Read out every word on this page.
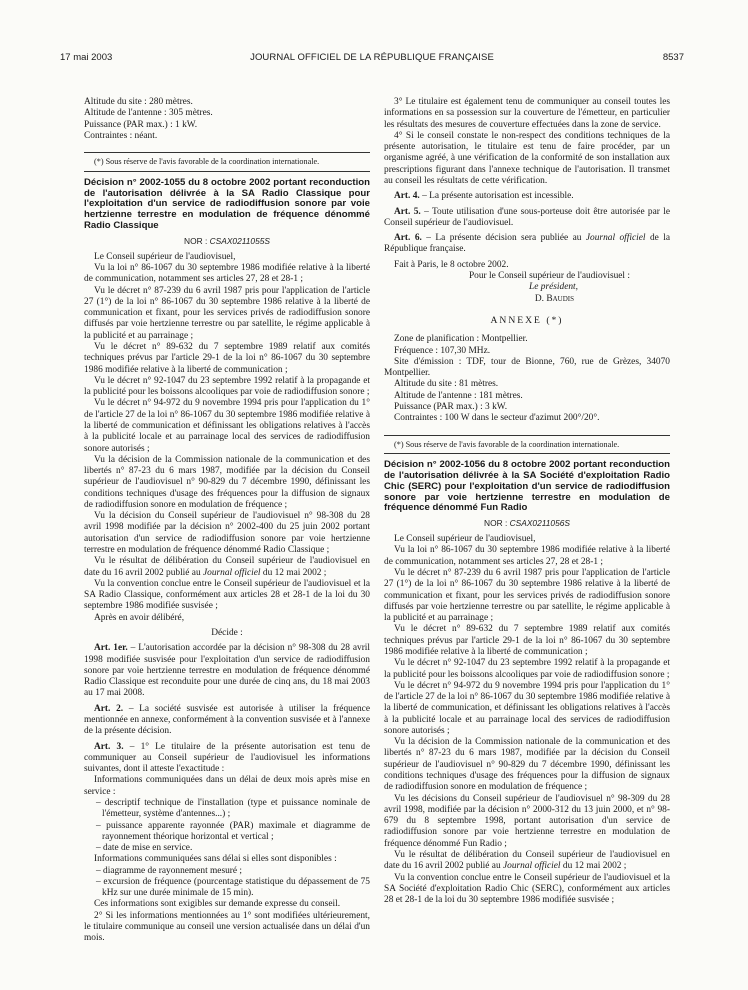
17 mai 2003	JOURNAL OFFICIEL DE LA RÉPUBLIQUE FRANÇAISE	8537

Altitude du site : 280 mètres.

Altitude de l'antenne : 305 mètres.

Puissance (PAR max.) : 1 kW.

Contraintes : néant.

(*) Sous réserve de l'avis favorable de la coordination internationale.

Décision n° 2002-1055 du 8 octobre 2002 portant reconduction de l'autorisation délivrée à la SA Radio Classique pour l'exploitation d'un service de radiodiffusion sonore par voie hertzienne terrestre en modulation de fréquence dénommé Radio Classique

NOR : CSAX0211055S

Le Conseil supérieur de l'audiovisuel,

Vu la loi n° 86-1067 du 30 septembre 1986 modifiée relative à la liberté de communication, notamment ses articles 27, 28 et 28-1 ;

Vu le décret n° 87-239 du 6 avril 1987 pris pour l'application de l'article 27 (1°) de la loi n° 86-1067 du 30 septembre 1986 relative à la liberté de communication et fixant, pour les services privés de radiodiffusion sonore diffusés par voie hertzienne terrestre ou par satellite, le régime applicable à la publicité et au parrainage ;

Vu le décret n° 89-632 du 7 septembre 1989 relatif aux comités techniques prévus par l'article 29-1 de la loi n° 86-1067 du 30 septembre 1986 modifiée relative à la liberté de communication ;

Vu le décret n° 92-1047 du 23 septembre 1992 relatif à la propagande et la publicité pour les boissons alcooliques par voie de radiodiffusion sonore ;

Vu le décret n° 94-972 du 9 novembre 1994 pris pour l'application du 1° de l'article 27 de la loi n° 86-1067 du 30 septembre 1986 modifiée relative à la liberté de communication et définissant les obligations relatives à l'accès à la publicité locale et au parrainage local des services de radiodiffusion sonore autorisés ;

Vu la décision de la Commission nationale de la communication et des libertés n° 87-23 du 6 mars 1987, modifiée par la décision du Conseil supérieur de l'audiovisuel n° 90-829 du 7 décembre 1990, définissant les conditions techniques d'usage des fréquences pour la diffusion de signaux de radiodiffusion sonore en modulation de fréquence ;

Vu la décision du Conseil supérieur de l'audiovisuel n° 98-308 du 28 avril 1998 modifiée par la décision n° 2002-400 du 25 juin 2002 portant autorisation d'un service de radiodiffusion sonore par voie hertzienne terrestre en modulation de fréquence dénommé Radio Classique ;

Vu le résultat de délibération du Conseil supérieur de l'audiovisuel en date du 16 avril 2002 publié au Journal officiel du 12 mai 2002 ;

Vu la convention conclue entre le Conseil supérieur de l'audiovisuel et la SA Radio Classique, conformément aux articles 28 et 28-1 de la loi du 30 septembre 1986 modifiée susvisée ;

Après en avoir délibéré,

Décide :

Art. 1er. – L'autorisation accordée par la décision n° 98-308 du 28 avril 1998 modifiée susvisée pour l'exploitation d'un service de radiodiffusion sonore par voie hertzienne terrestre en modulation de fréquence dénommé Radio Classique est reconduite pour une durée de cinq ans, du 18 mai 2003 au 17 mai 2008.

Art. 2. – La société susvisée est autorisée à utiliser la fréquence mentionnée en annexe, conformément à la convention susvisée et à l'annexe de la présente décision.

Art. 3. – 1° Le titulaire de la présente autorisation est tenu de communiquer au Conseil supérieur de l'audiovisuel les informations suivantes, dont il atteste l'exactitude :

Informations communiquées dans un délai de deux mois après mise en service :

– descriptif technique de l'installation (type et puissance nominale de l'émetteur, système d'antennes...) ;

– puissance apparente rayonnée (PAR) maximale et diagramme de rayonnement théorique horizontal et vertical ;

– date de mise en service.

Informations communiquées sans délai si elles sont disponibles :

– diagramme de rayonnement mesuré ;

– excursion de fréquence (pourcentage statistique du dépassement de 75 kHz sur une durée minimale de 15 min).

Ces informations sont exigibles sur demande expresse du conseil.

2° Si les informations mentionnées au 1° sont modifiées ultérieurement, le titulaire communique au conseil une version actualisée dans un délai d'un mois.

3° Le titulaire est également tenu de communiquer au conseil toutes les informations en sa possession sur la couverture de l'émetteur, en particulier les résultats des mesures de couverture effectuées dans la zone de service.

4° Si le conseil constate le non-respect des conditions techniques de la présente autorisation, le titulaire est tenu de faire procéder, par un organisme agréé, à une vérification de la conformité de son installation aux prescriptions figurant dans l'annexe technique de l'autorisation. Il transmet au conseil les résultats de cette vérification.

Art. 4. – La présente autorisation est incessible.

Art. 5. – Toute utilisation d'une sous-porteuse doit être autorisée par le Conseil supérieur de l'audiovisuel.

Art. 6. – La présente décision sera publiée au Journal officiel de la République française.

Fait à Paris, le 8 octobre 2002.

Pour le Conseil supérieur de l'audiovisuel :

Le président,

D. Baudis

ANNEXE (*)

Zone de planification : Montpellier.

Fréquence : 107,30 MHz.

Site d'émission : TDF, tour de Bionne, 760, rue de Grèzes, 34070 Montpellier.

Altitude du site : 81 mètres.

Altitude de l'antenne : 181 mètres.

Puissance (PAR max.) : 3 kW.

Contraintes : 100 W dans le secteur d'azimut 200°/20°.

(*) Sous réserve de l'avis favorable de la coordination internationale.

Décision n° 2002-1056 du 8 octobre 2002 portant reconduction de l'autorisation délivrée à la SA Société d'exploitation Radio Chic (SERC) pour l'exploitation d'un service de radiodiffusion sonore par voie hertzienne terrestre en modulation de fréquence dénommé Fun Radio

NOR : CSAX0211056S

Le Conseil supérieur de l'audiovisuel,

Vu la loi n° 86-1067 du 30 septembre 1986 modifiée relative à la liberté de communication, notamment ses articles 27, 28 et 28-1 ;

Vu le décret n° 87-239 du 6 avril 1987 pris pour l'application de l'article 27 (1°) de la loi n° 86-1067 du 30 septembre 1986 relative à la liberté de communication et fixant, pour les services privés de radiodiffusion sonore diffusés par voie hertzienne terrestre ou par satellite, le régime applicable à la publicité et au parrainage ;

Vu le décret n° 89-632 du 7 septembre 1989 relatif aux comités techniques prévus par l'article 29-1 de la loi n° 86-1067 du 30 septembre 1986 modifiée relative à la liberté de communication ;

Vu le décret n° 92-1047 du 23 septembre 1992 relatif à la propagande et la publicité pour les boissons alcooliques par voie de radiodiffusion sonore ;

Vu le décret n° 94-972 du 9 novembre 1994 pris pour l'application du 1° de l'article 27 de la loi n° 86-1067 du 30 septembre 1986 modifiée relative à la liberté de communication, et définissant les obligations relatives à l'accès à la publicité locale et au parrainage local des services de radiodiffusion sonore autorisés ;

Vu la décision de la Commission nationale de la communication et des libertés n° 87-23 du 6 mars 1987, modifiée par la décision du Conseil supérieur de l'audiovisuel n° 90-829 du 7 décembre 1990, définissant les conditions techniques d'usage des fréquences pour la diffusion de signaux de radiodiffusion sonore en modulation de fréquence ;

Vu les décisions du Conseil supérieur de l'audiovisuel n° 98-309 du 28 avril 1998, modifiée par la décision n° 2000-312 du 13 juin 2000, et n° 98-679 du 8 septembre 1998, portant autorisation d'un service de radiodiffusion sonore par voie hertzienne terrestre en modulation de fréquence dénommé Fun Radio ;

Vu le résultat de délibération du Conseil supérieur de l'audiovisuel en date du 16 avril 2002 publié au Journal officiel du 12 mai 2002 ;

Vu la convention conclue entre le Conseil supérieur de l'audiovisuel et la SA Société d'exploitation Radio Chic (SERC), conformément aux articles 28 et 28-1 de la loi du 30 septembre 1986 modifiée susvisée ;
